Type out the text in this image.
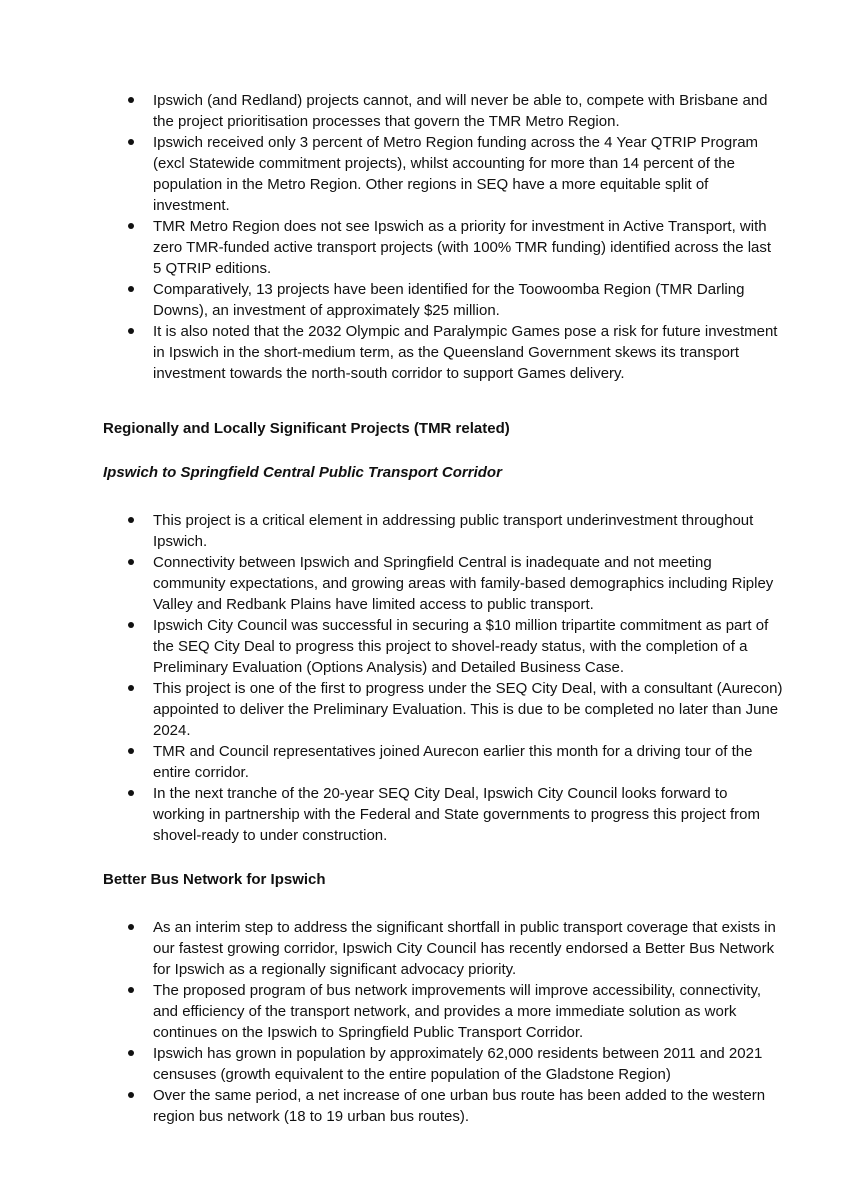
Ipswich (and Redland) projects cannot, and will never be able to, compete with Brisbane and the project prioritisation processes that govern the TMR Metro Region.
Ipswich received only 3 percent of Metro Region funding across the 4 Year QTRIP Program (excl Statewide commitment projects), whilst accounting for more than 14 percent of the population in the Metro Region. Other regions in SEQ have a more equitable split of investment.
TMR Metro Region does not see Ipswich as a priority for investment in Active Transport, with zero TMR-funded active transport projects (with 100% TMR funding) identified across the last 5 QTRIP editions.
Comparatively, 13 projects have been identified for the Toowoomba Region (TMR Darling Downs), an investment of approximately $25 million.
It is also noted that the 2032 Olympic and Paralympic Games pose a risk for future investment in Ipswich in the short-medium term, as the Queensland Government skews its transport investment towards the north-south corridor to support Games delivery.
Regionally and Locally Significant Projects (TMR related)
Ipswich to Springfield Central Public Transport Corridor
This project is a critical element in addressing public transport underinvestment throughout Ipswich.
Connectivity between Ipswich and Springfield Central is inadequate and not meeting community expectations, and growing areas with family-based demographics including Ripley Valley and Redbank Plains have limited access to public transport.
Ipswich City Council was successful in securing a $10 million tripartite commitment as part of the SEQ City Deal to progress this project to shovel-ready status, with the completion of a Preliminary Evaluation (Options Analysis) and Detailed Business Case.
This project is one of the first to progress under the SEQ City Deal, with a consultant (Aurecon) appointed to deliver the Preliminary Evaluation. This is due to be completed no later than June 2024.
TMR and Council representatives joined Aurecon earlier this month for a driving tour of the entire corridor.
In the next tranche of the 20-year SEQ City Deal, Ipswich City Council looks forward to working in partnership with the Federal and State governments to progress this project from shovel-ready to under construction.
Better Bus Network for Ipswich
As an interim step to address the significant shortfall in public transport coverage that exists in our fastest growing corridor, Ipswich City Council has recently endorsed a Better Bus Network for Ipswich as a regionally significant advocacy priority.
The proposed program of bus network improvements will improve accessibility, connectivity, and efficiency of the transport network, and provides a more immediate solution as work continues on the Ipswich to Springfield Public Transport Corridor.
Ipswich has grown in population by approximately 62,000 residents between 2011 and 2021 censuses (growth equivalent to the entire population of the Gladstone Region)
Over the same period, a net increase of one urban bus route has been added to the western region bus network (18 to 19 urban bus routes).
